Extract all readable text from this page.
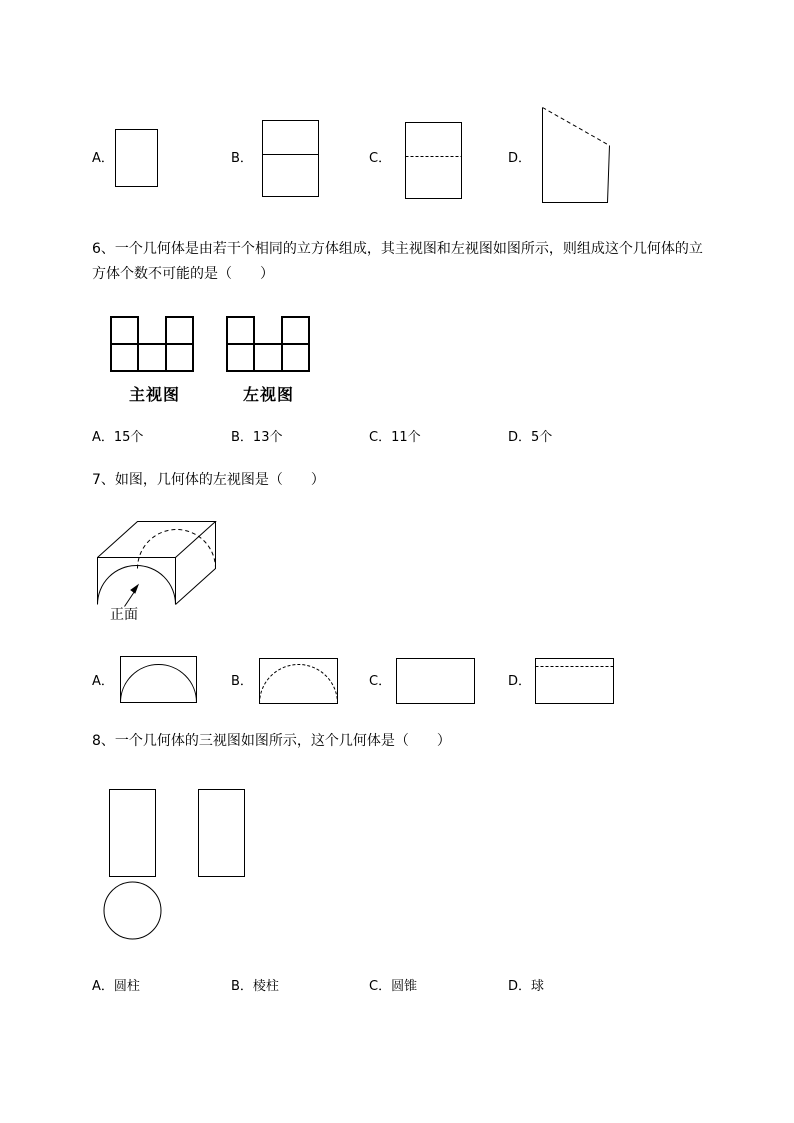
A．	B．	C．	D．
6、一个几何体是由若干个相同的立方体组成，其主视图和左视图如图所示，则组成这个几何体的立
方体个数不可能的是（　　）
主视图	左视图
A．15个	B．13个	C．11个	D．5个
7、如图，几何体的左视图是（　　）
正面
A．	B．	C．	D．
8、一个几何体的三视图如图所示，这个几何体是（　　）
A．圆柱	B．棱柱	C．圆锥	D．球
